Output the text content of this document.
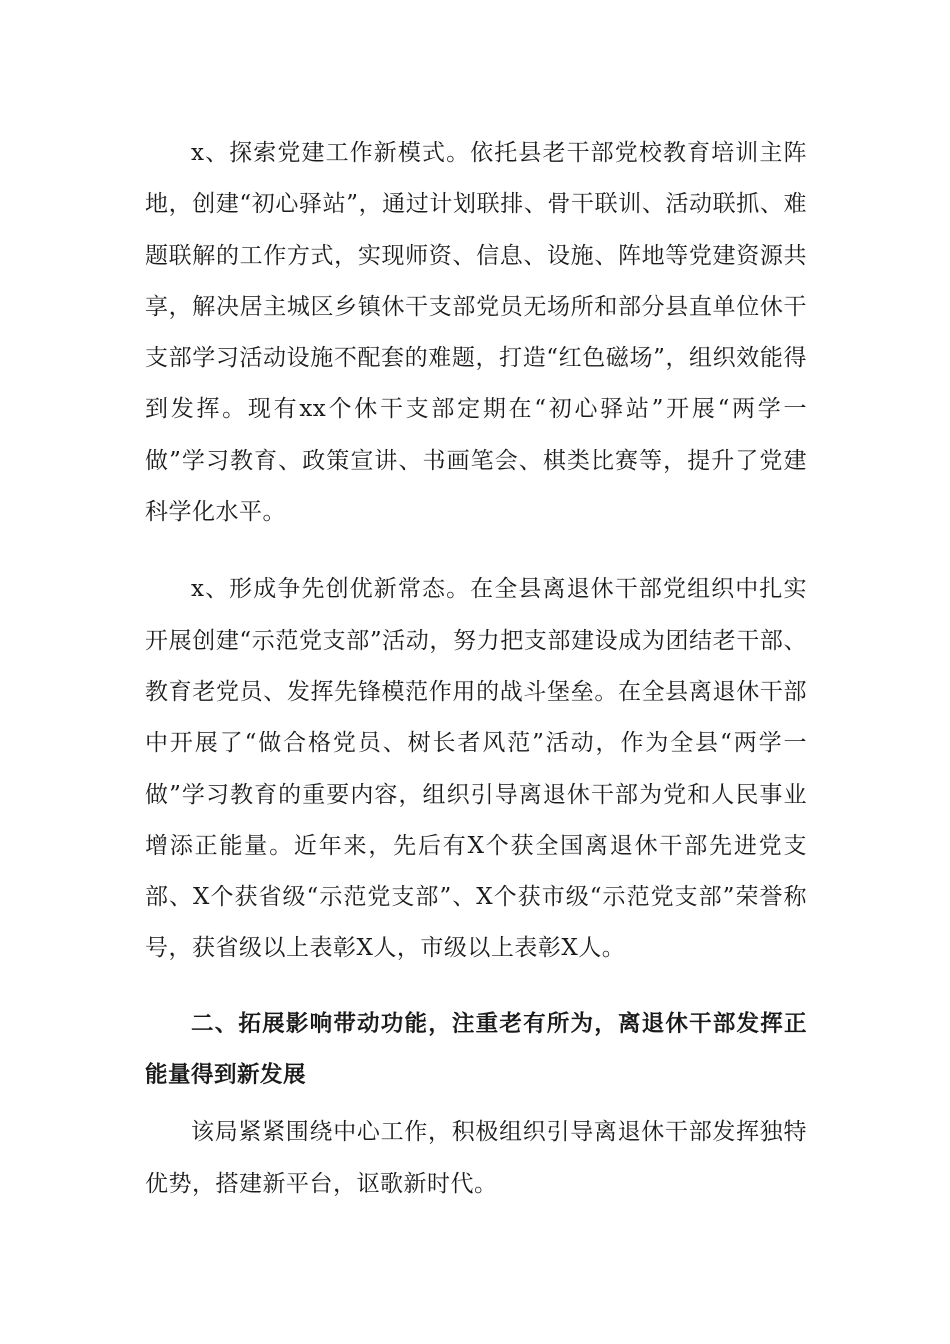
x、探索党建工作新模式。依托县老干部党校教育培训主阵地，创建“初心驿站”，通过计划联排、骨干联训、活动联抓、难题联解的工作方式，实现师资、信息、设施、阵地等党建资源共享，解决居主城区乡镇休干支部党员无场所和部分县直单位休干支部学习活动设施不配套的难题，打造“红色磁场”，组织效能得到发挥。现有xx个休干支部定期在“初心驿站”开展“两学一做”学习教育、政策宣讲、书画笔会、棋类比赛等，提升了党建科学化水平。

x、形成争先创优新常态。在全县离退休干部党组织中扎实开展创建“示范党支部”活动，努力把支部建设成为团结老干部、教育老党员、发挥先锋模范作用的战斗堡垒。在全县离退休干部中开展了“做合格党员、树长者风范”活动，作为全县“两学一做”学习教育的重要内容，组织引导离退休干部为党和人民事业增添正能量。近年来，先后有X个获全国离退休干部先进党支部、X个获省级“示范党支部”、X个获市级“示范党支部”荣誉称号，获省级以上表彰X人，市级以上表彰X人。

二、拓展影响带动功能，注重老有所为，离退休干部发挥正能量得到新发展

该局紧紧围绕中心工作，积极组织引导离退休干部发挥独特优势，搭建新平台，讴歌新时代。
